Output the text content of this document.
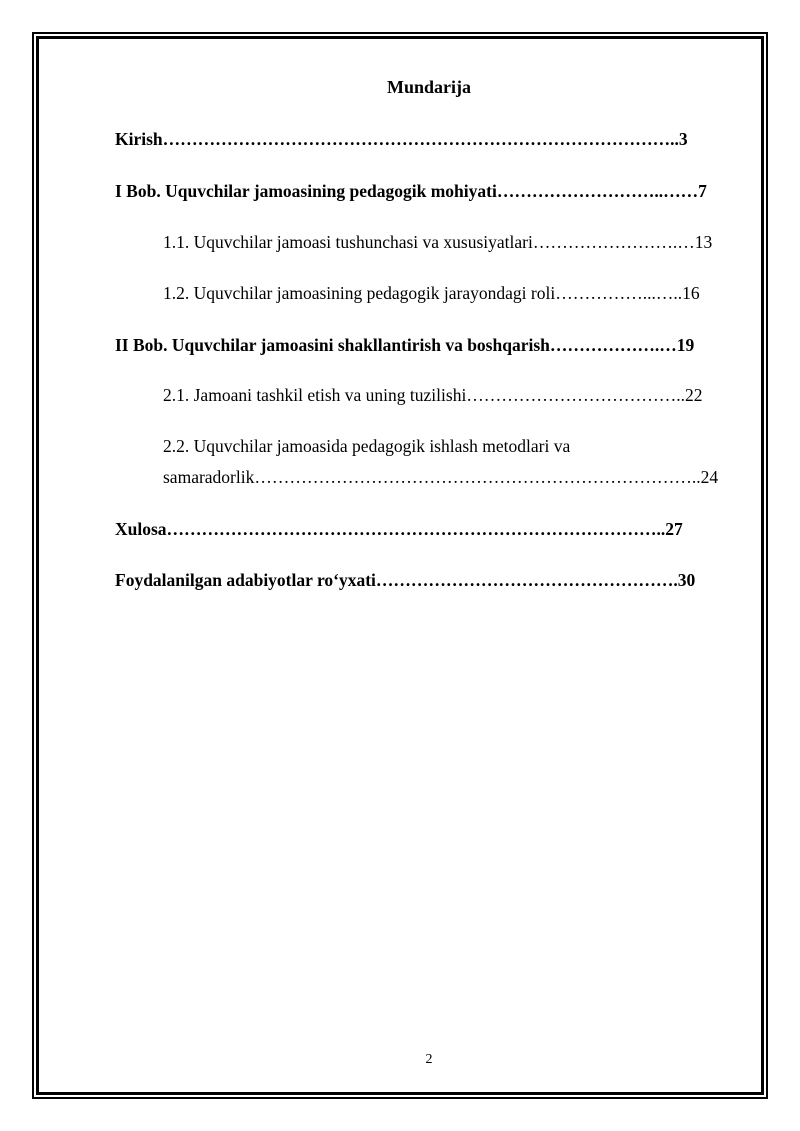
Mundarija
Kirish……………………………………………………………………………..3
I Bob. Uquvchilar jamoasining pedagogik mohiyati………………………..……7
1.1. Uquvchilar jamoasi tushunchasi va xususiyatlari…………………….…13
1.2. Uquvchilar jamoasining pedagogik jarayondagi roli……………...…..16
II Bob. Uquvchilar jamoasini shakllantirish va boshqarish……………….…19
2.1. Jamoani tashkil etish va uning tuzilishi………………………………..22
2.2. Uquvchilar jamoasida pedagogik ishlash metodlari va
samaradorlik…………………………………………………………………..24
Xulosa…………………………………………………………………………..27
Foydalanilgan adabiyotlar ro‘yxati…………………………………………….30
2
